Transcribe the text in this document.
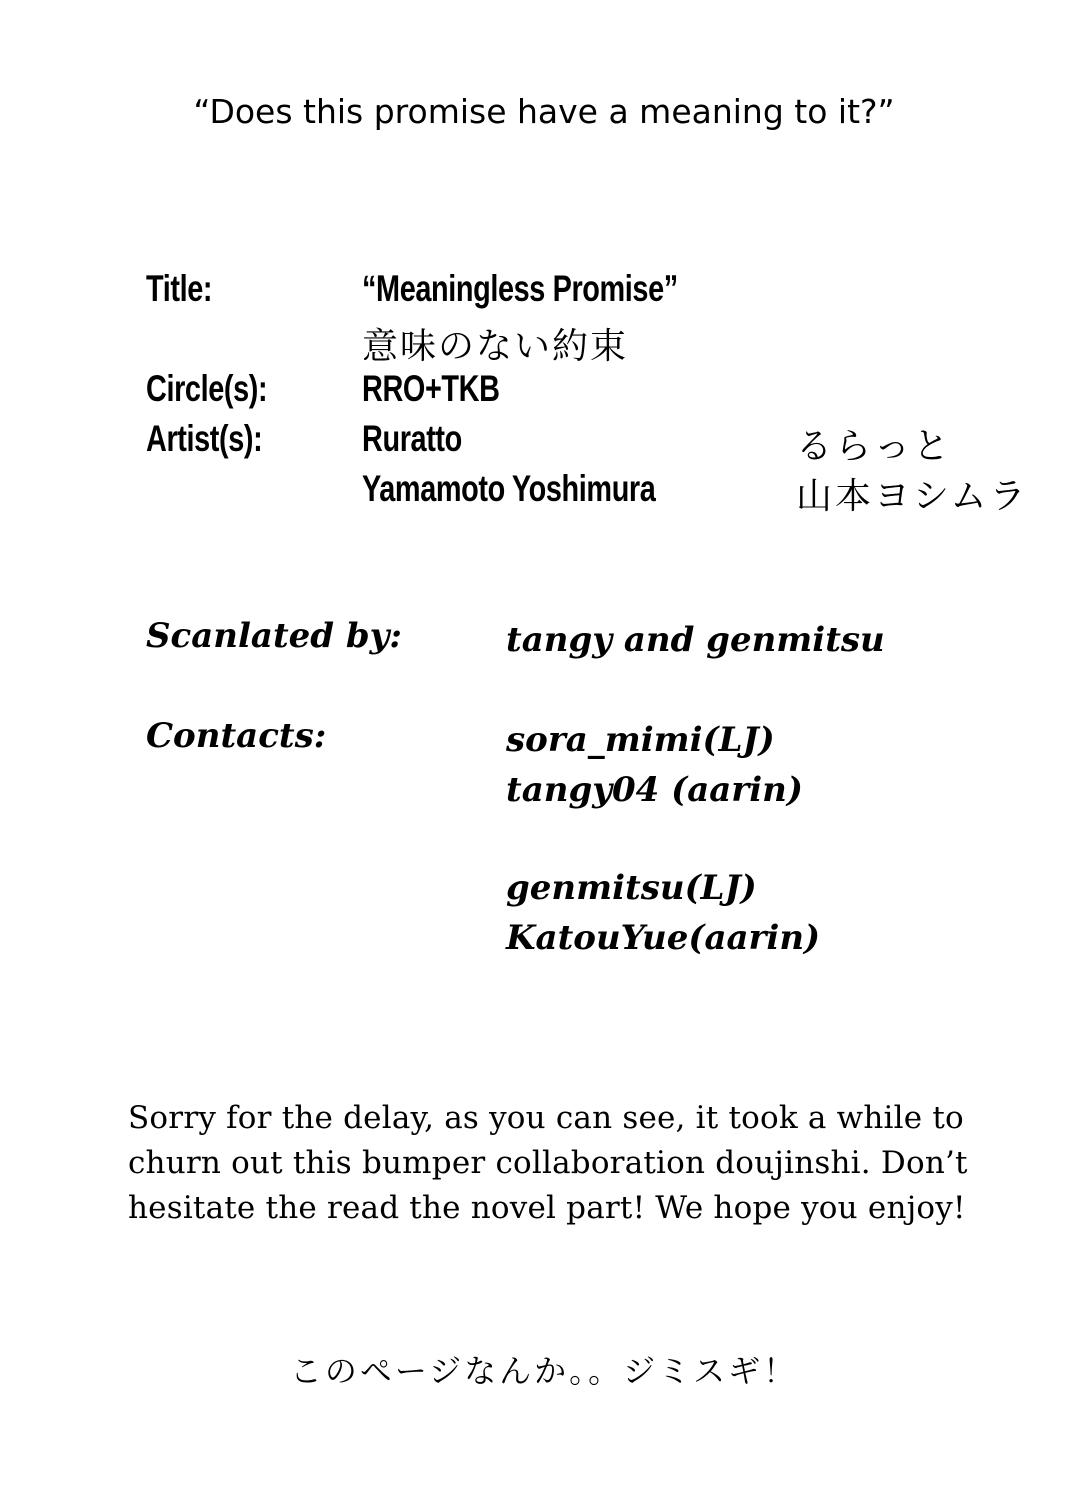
“Does this promise have a meaning to it?”
Title:	“Meaningless Promise”
意味のない約束
Circle(s):	RRO+TKB
Artist(s):	Ruratto	るらっと
Yamamoto Yoshimura	山本ヨシムラ
Scanlated by:	tangy and genmitsu
Contacts:	sora_mimi(LJ)
tangy04 (aarin)
genmitsu(LJ)
KatouYue(aarin)

Sorry for the delay, as you can see, it took a while to

churn out this bumper collaboration doujinshi. Don’t

hesitate the read the novel part! We hope you enjoy!

このページなんか。。ジミスギ！
